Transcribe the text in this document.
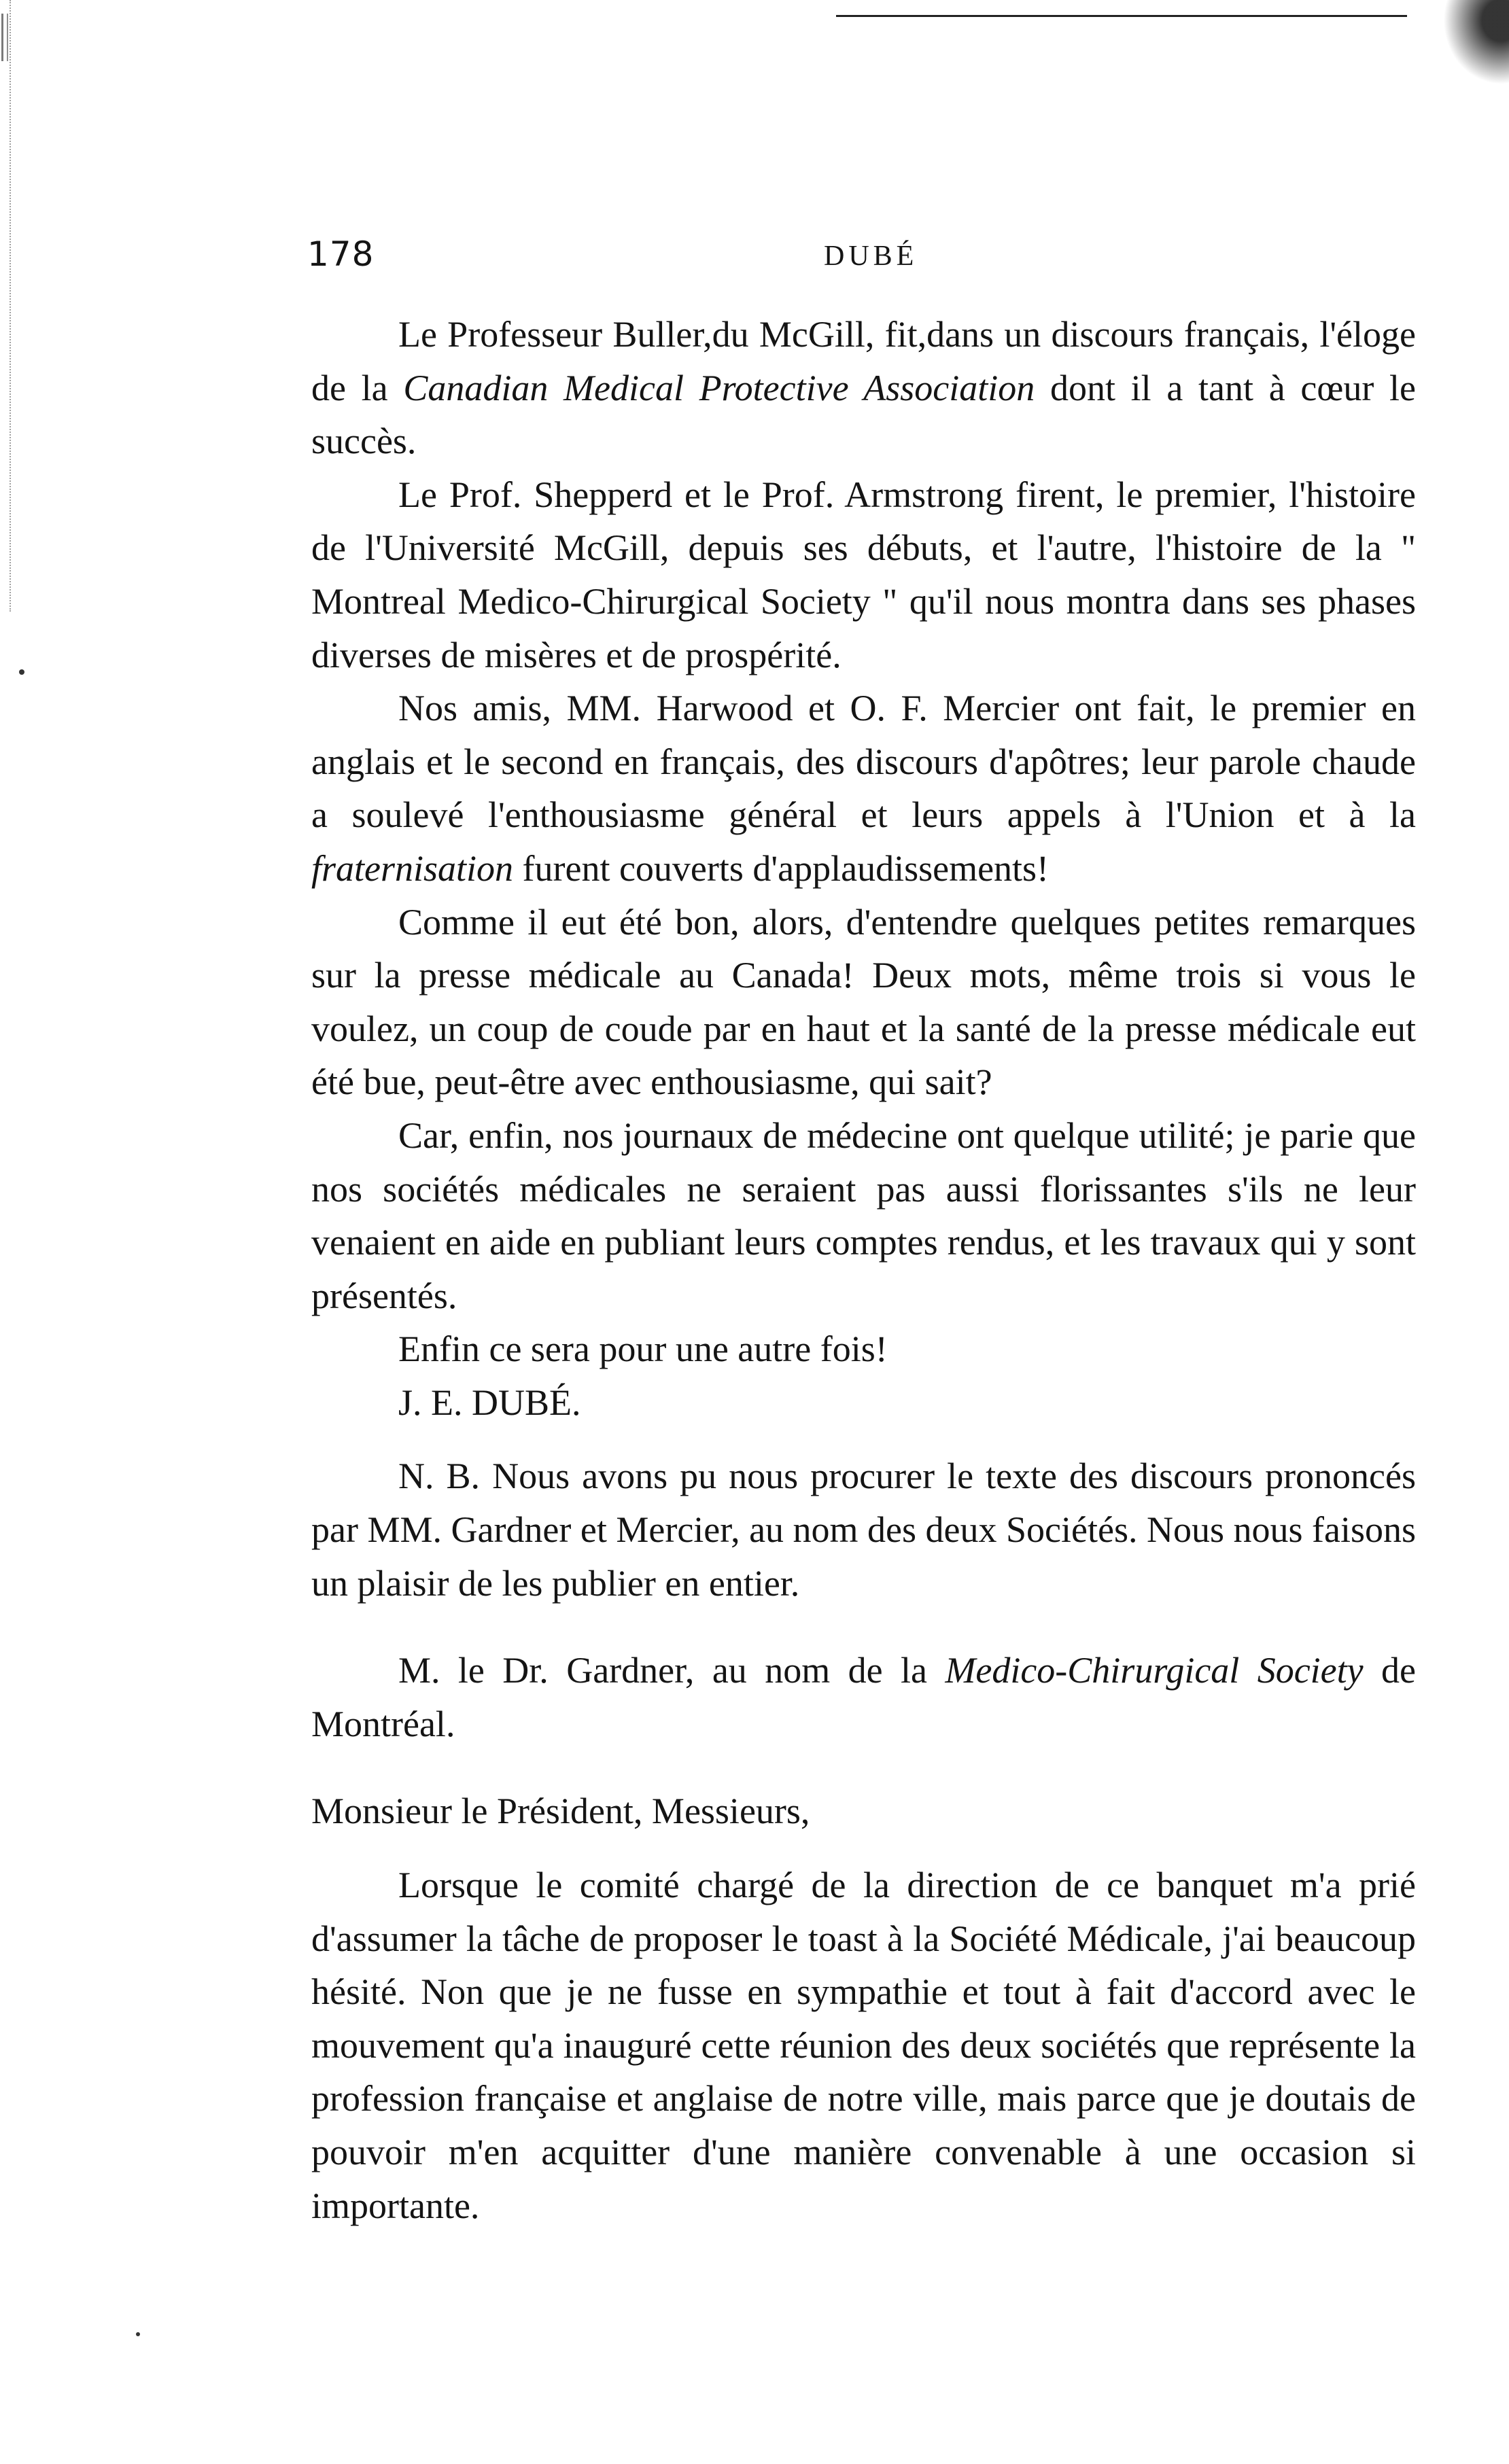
178	DUBÉ

Le Professeur Buller,du McGill, fit,dans un discours français, l'éloge de la Canadian Medical Protective Association dont il a tant à cœur le succès.

Le Prof. Shepperd et le Prof. Armstrong firent, le premier, l'histoire de l'Université McGill, depuis ses débuts, et l'autre, l'histoire de la " Montreal Medico-Chirurgical Society " qu'il nous montra dans ses phases diverses de misères et de prospérité.

Nos amis, MM. Harwood et O. F. Mercier ont fait, le premier en anglais et le second en français, des discours d'apôtres; leur parole chaude a soulevé l'enthousiasme général et leurs appels à l'Union et à la fraternisation furent couverts d'applaudissements!

Comme il eut été bon, alors, d'entendre quelques petites remarques sur la presse médicale au Canada! Deux mots, même trois si vous le voulez, un coup de coude par en haut et la santé de la presse médicale eut été bue, peut-être avec enthousiasme, qui sait?

Car, enfin, nos journaux de médecine ont quelque utilité; je parie que nos sociétés médicales ne seraient pas aussi florissantes s'ils ne leur venaient en aide en publiant leurs comptes rendus, et les travaux qui y sont présentés.

Enfin ce sera pour une autre fois!

J. E. DUBÉ.

N. B. Nous avons pu nous procurer le texte des discours prononcés par MM. Gardner et Mercier, au nom des deux Sociétés. Nous nous faisons un plaisir de les publier en entier.

M. le Dr. Gardner, au nom de la Medico-Chirurgical Society de Montréal.

Monsieur le Président, Messieurs,

Lorsque le comité chargé de la direction de ce banquet m'a prié d'assumer la tâche de proposer le toast à la Société Médicale, j'ai beaucoup hésité. Non que je ne fusse en sympathie et tout à fait d'accord avec le mouvement qu'a inauguré cette réunion des deux sociétés que représente la profession française et anglaise de notre ville, mais parce que je doutais de pouvoir m'en acquitter d'une manière convenable à une occasion si importante.
